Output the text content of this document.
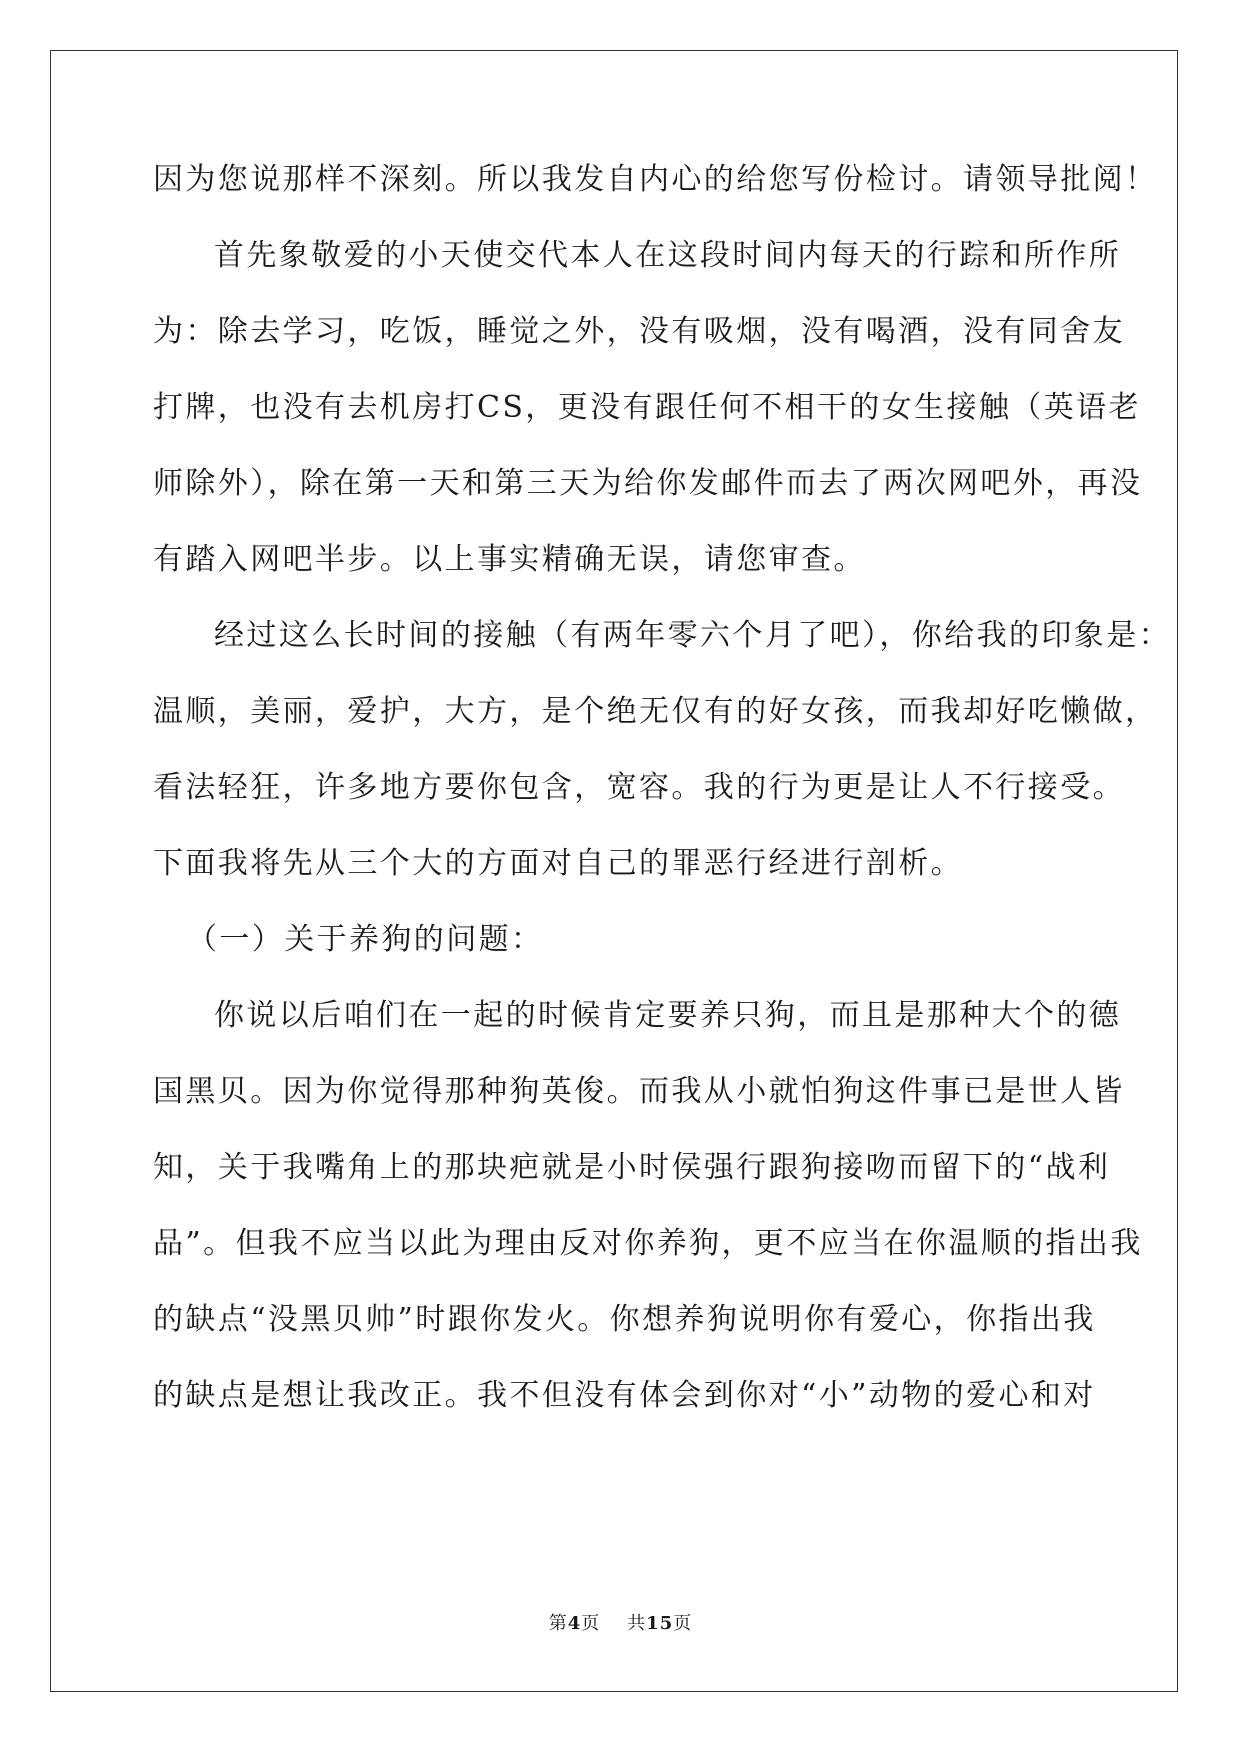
因为您说那样不深刻。所以我发自内心的给您写份检讨。请领导批阅！
首先象敬爱的小天使交代本人在这段时间内每天的行踪和所作所
为：除去学习，吃饭，睡觉之外，没有吸烟，没有喝酒，没有同舍友
打牌，也没有去机房打CS，更没有跟任何不相干的女生接触（英语老
师除外），除在第一天和第三天为给你发邮件而去了两次网吧外，再没
有踏入网吧半步。以上事实精确无误，请您审查。
经过这么长时间的接触（有两年零六个月了吧），你给我的印象是：
温顺，美丽，爱护，大方，是个绝无仅有的好女孩，而我却好吃懒做，
看法轻狂，许多地方要你包含，宽容。我的行为更是让人不行接受。
下面我将先从三个大的方面对自己的罪恶行经进行剖析。
（一）关于养狗的问题：
你说以后咱们在一起的时候肯定要养只狗，而且是那种大个的德
国黑贝。因为你觉得那种狗英俊。而我从小就怕狗这件事已是世人皆
知，关于我嘴角上的那块疤就是小时侯强行跟狗接吻而留下的“战利
品”。但我不应当以此为理由反对你养狗，更不应当在你温顺的指出我
的缺点“没黑贝帅”时跟你发火。你想养狗说明你有爱心，你指出我
的缺点是想让我改正。我不但没有体会到你对“小”动物的爱心和对
第4页 共15页
